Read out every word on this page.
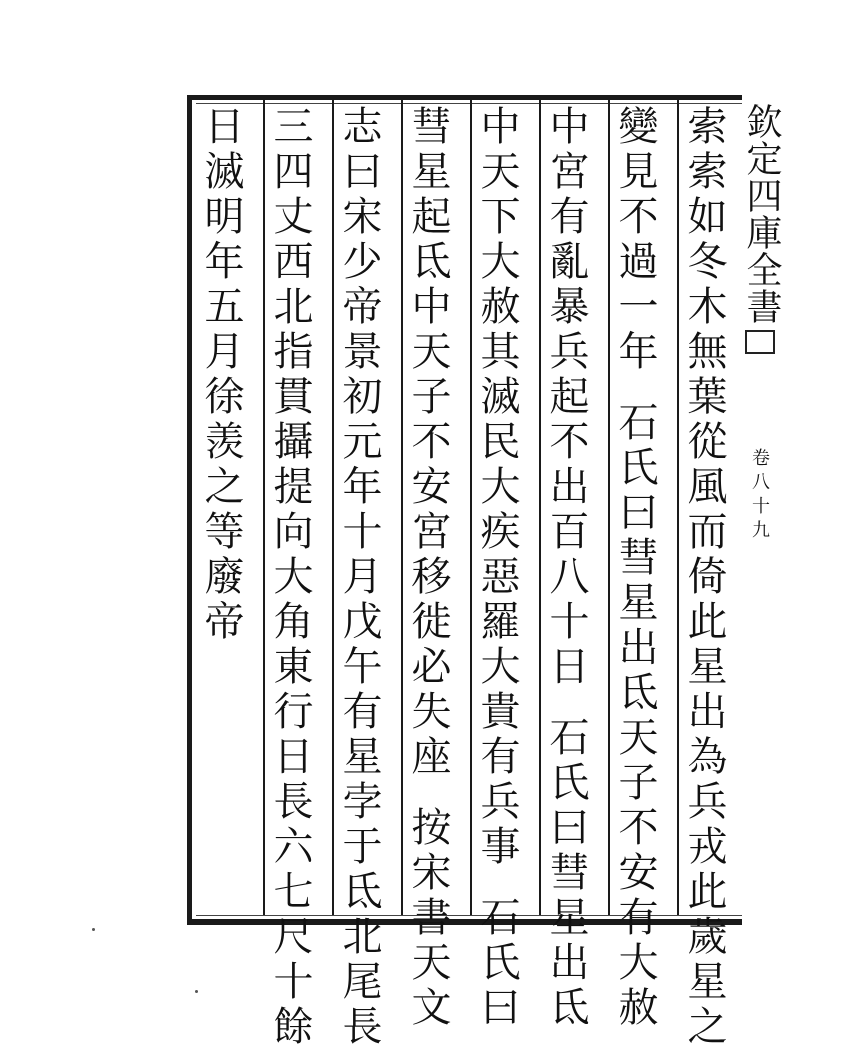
索索如冬木無葉從風而倚此星出為兵戎此歲星之
變見不過一年石氏曰彗星出氐天子不安有大赦
中宮有亂暴兵起不出百八十日石氏曰彗星出氐
中天下大赦其滅民大疾惡羅大貴有兵事石氏曰
彗星起氐中天子不安宮移徙必失座按宋書天文
志曰宋少帝景初元年十月戊午有星孛于氐北尾長
三四丈西北指貫攝提向大角東行日長六七尺十餘
日滅明年五月徐羡之等廢帝	欽定四庫全書
卷八十九
